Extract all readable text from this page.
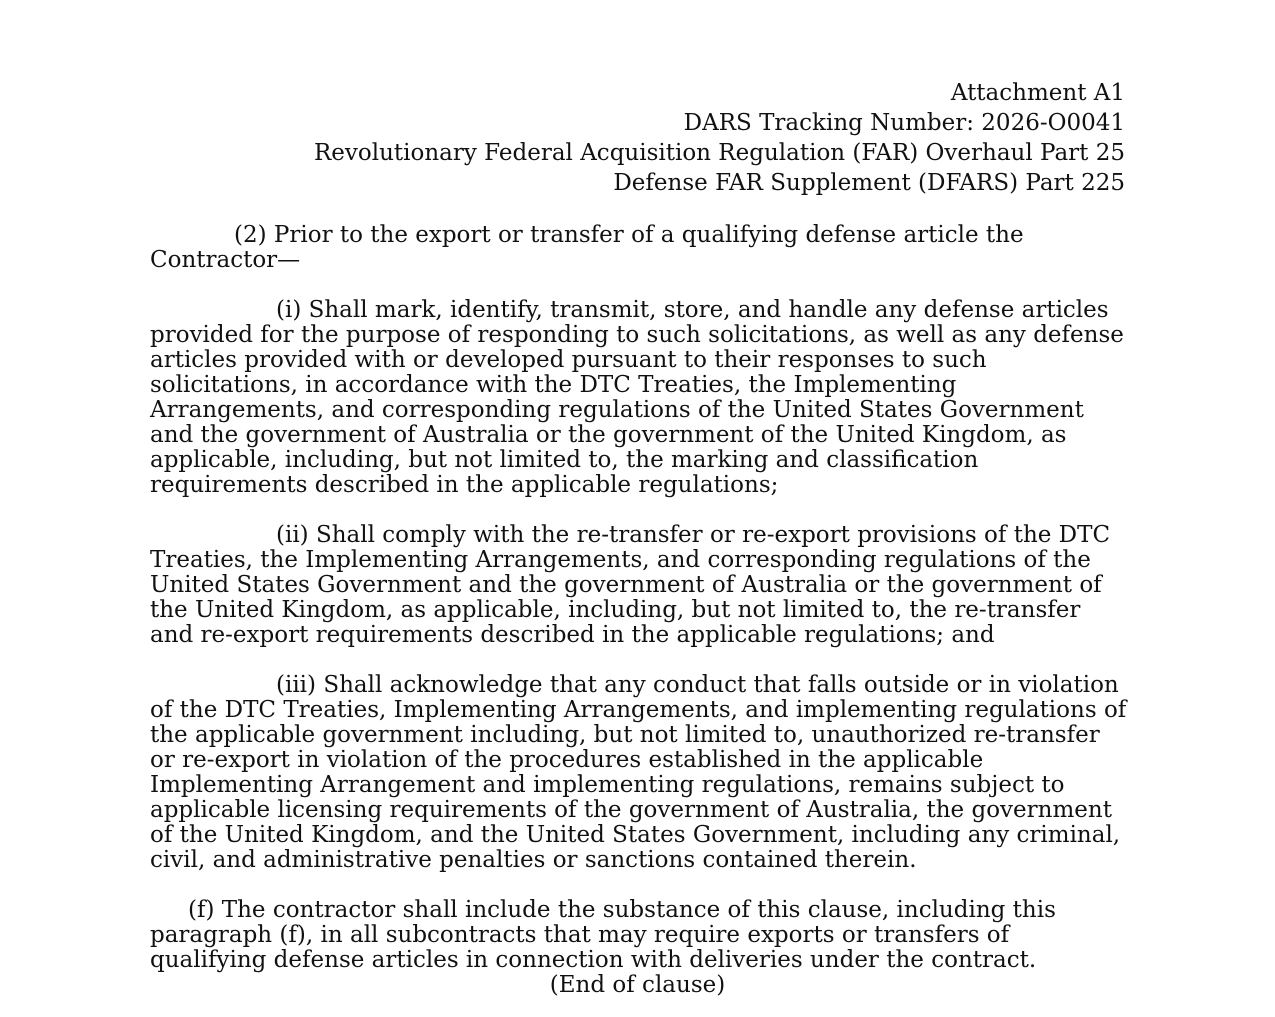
Attachment A1
DARS Tracking Number: 2026-O0041
Revolutionary Federal Acquisition Regulation (FAR) Overhaul Part 25
Defense FAR Supplement (DFARS) Part 225

(2) Prior to the export or transfer of a qualifying defense article the Contractor—

(i) Shall mark, identify, transmit, store, and handle any defense articles provided for the purpose of responding to such solicitations, as well as any defense articles provided with or developed pursuant to their responses to such solicitations, in accordance with the DTC Treaties, the Implementing Arrangements, and corresponding regulations of the United States Government and the government of Australia or the government of the United Kingdom, as applicable, including, but not limited to, the marking and classification requirements described in the applicable regulations;

(ii) Shall comply with the re-transfer or re-export provisions of the DTC Treaties, the Implementing Arrangements, and corresponding regulations of the United States Government and the government of Australia or the government of the United Kingdom, as applicable, including, but not limited to, the re-transfer and re-export requirements described in the applicable regulations; and

(iii) Shall acknowledge that any conduct that falls outside or in violation of the DTC Treaties, Implementing Arrangements, and implementing regulations of the applicable government including, but not limited to, unauthorized re-transfer or re-export in violation of the procedures established in the applicable Implementing Arrangement and implementing regulations, remains subject to applicable licensing requirements of the government of Australia, the government of the United Kingdom, and the United States Government, including any criminal, civil, and administrative penalties or sanctions contained therein.

(f) The contractor shall include the substance of this clause, including this paragraph (f), in all subcontracts that may require exports or transfers of qualifying defense articles in connection with deliveries under the contract.

(End of clause)
